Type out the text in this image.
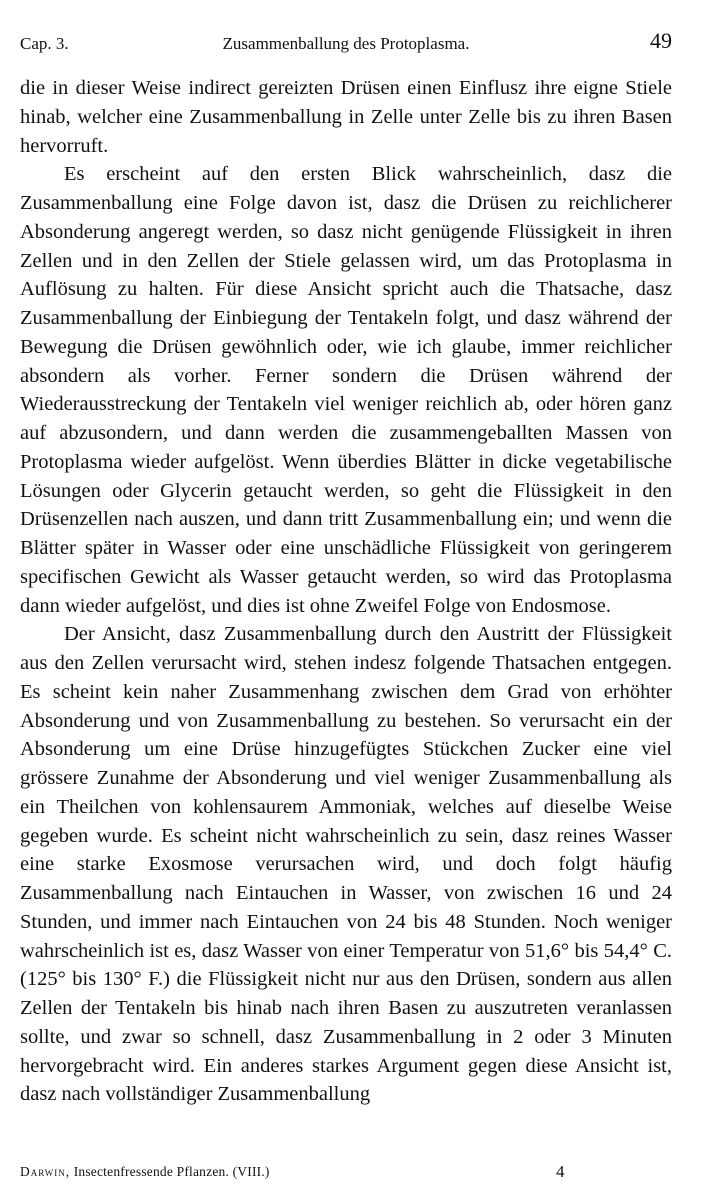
Cap. 3.	Zusammenballung des Protoplasma.	49

die in dieser Weise indirect gereizten Drüsen einen Einflusz ihre eigne Stiele hinab, welcher eine Zusammenballung in Zelle unter Zelle bis zu ihren Basen hervorruft.

Es erscheint auf den ersten Blick wahrscheinlich, dasz die Zusammenballung eine Folge davon ist, dasz die Drüsen zu reichlicherer Absonderung angeregt werden, so dasz nicht genügende Flüssigkeit in ihren Zellen und in den Zellen der Stiele gelassen wird, um das Protoplasma in Auflösung zu halten. Für diese Ansicht spricht auch die Thatsache, dasz Zusammenballung der Einbiegung der Tentakeln folgt, und dasz während der Bewegung die Drüsen gewöhnlich oder, wie ich glaube, immer reichlicher absondern als vorher. Ferner sondern die Drüsen während der Wiederausstreckung der Tentakeln viel weniger reichlich ab, oder hören ganz auf abzusondern, und dann werden die zusammengeballten Massen von Protoplasma wieder aufgelöst. Wenn überdies Blätter in dicke vegetabilische Lösungen oder Glycerin getaucht werden, so geht die Flüssigkeit in den Drüsenzellen nach auszen, und dann tritt Zusammenballung ein; und wenn die Blätter später in Wasser oder eine unschädliche Flüssigkeit von geringerem specifischen Gewicht als Wasser getaucht werden, so wird das Protoplasma dann wieder aufgelöst, und dies ist ohne Zweifel Folge von Endosmose.

Der Ansicht, dasz Zusammenballung durch den Austritt der Flüssigkeit aus den Zellen verursacht wird, stehen indesz folgende Thatsachen entgegen. Es scheint kein naher Zusammenhang zwischen dem Grad von erhöhter Absonderung und von Zusammenballung zu bestehen. So verursacht ein der Absonderung um eine Drüse hinzugefügtes Stückchen Zucker eine viel grössere Zunahme der Absonderung und viel weniger Zusammenballung als ein Theilchen von kohlensaurem Ammoniak, welches auf dieselbe Weise gegeben wurde. Es scheint nicht wahrscheinlich zu sein, dasz reines Wasser eine starke Exosmose verursachen wird, und doch folgt häufig Zusammenballung nach Eintauchen in Wasser, von zwischen 16 und 24 Stunden, und immer nach Eintauchen von 24 bis 48 Stunden. Noch weniger wahrscheinlich ist es, dasz Wasser von einer Temperatur von 51,6° bis 54,4° C. (125° bis 130° F.) die Flüssigkeit nicht nur aus den Drüsen, sondern aus allen Zellen der Tentakeln bis hinab nach ihren Basen zu auszutreten veranlassen sollte, und zwar so schnell, dasz Zusammenballung in 2 oder 3 Minuten hervorgebracht wird. Ein anderes starkes Argument gegen diese Ansicht ist, dasz nach vollständiger Zusammenballung

Darwin, Insectenfressende Pflanzen. (VIII.)	4
